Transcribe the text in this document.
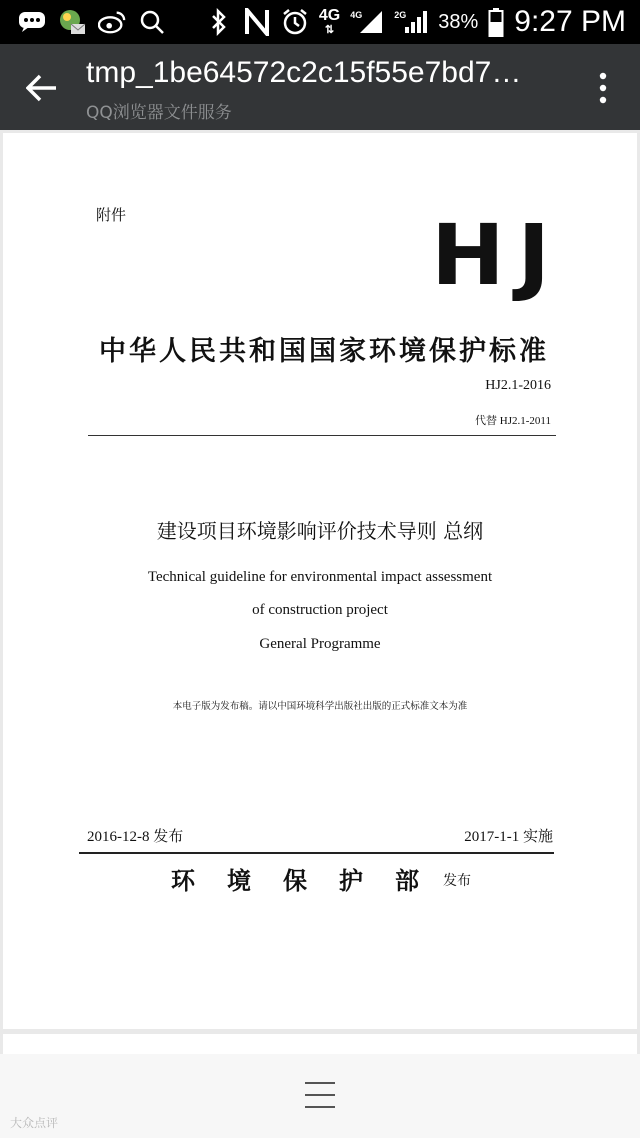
4G
⇅
4G	2G 38% 9:27 PM
tmp_1be64572c2c15f55e7bd7…
QQ浏览器文件服务
附件	HJ
中华人民共和国国家环境保护标准
HJ2.1-2016
代替 HJ2.1-2011
建设项目环境影响评价技术导则 总纲
Technical guideline for environmental impact assessment
of construction project
General Programme
本电子版为发布稿。请以中国环境科学出版社出版的正式标准文本为准
2016-12-8 发布	2017-1-1 实施
环境保护部
发布
大众点评
